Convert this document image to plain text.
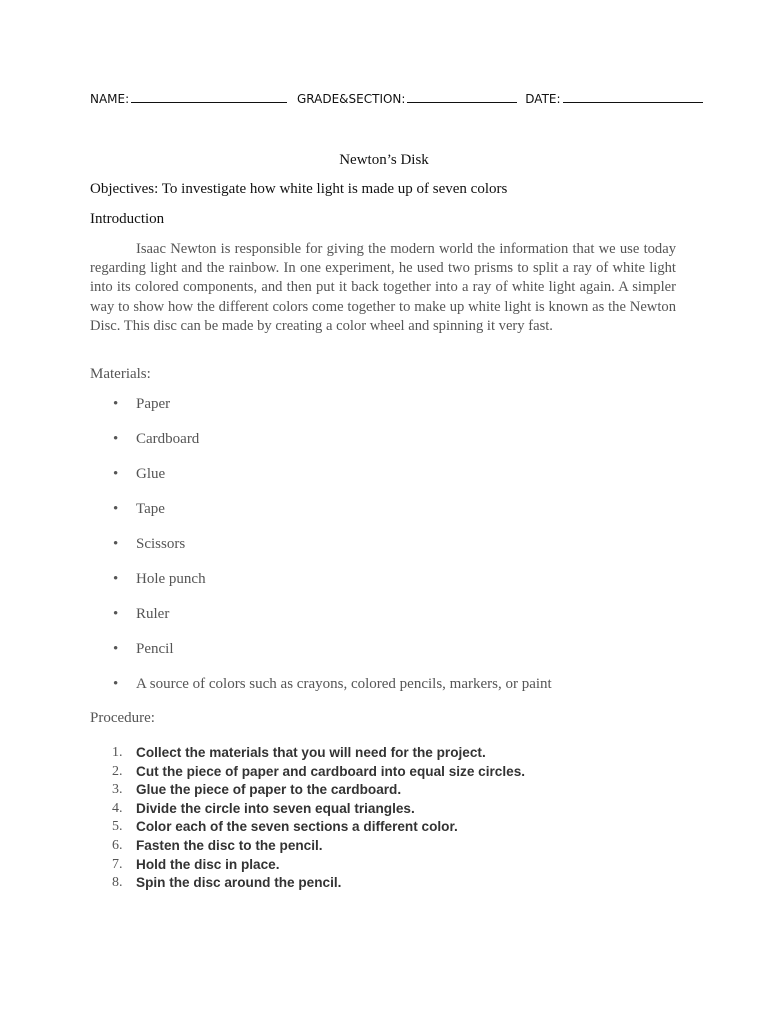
NAME:	GRADE&SECTION:	DATE:
Newton’s Disk
Objectives: To investigate how white light is made up of seven colors
Introduction

Isaac Newton is responsible for giving the modern world the information that we use today regarding light and the rainbow. In one experiment, he used two prisms to split a ray of white light into its colored components, and then put it back together into a ray of white light again. A simpler way to show how the different colors come together to make up white light is known as the Newton Disc. This disc can be made by creating a color wheel and spinning it very fast.

Materials:
• Paper
• Cardboard
• Glue
• Tape
• Scissors
• Hole punch
• Ruler
• Pencil
• A source of colors such as crayons, colored pencils, markers, or paint
Procedure:
1. Collect the materials that you will need for the project.
2. Cut the piece of paper and cardboard into equal size circles.
3. Glue the piece of paper to the cardboard.
4. Divide the circle into seven equal triangles.
5. Color each of the seven sections a different color.
6. Fasten the disc to the pencil.
7. Hold the disc in place.
8. Spin the disc around the pencil.
